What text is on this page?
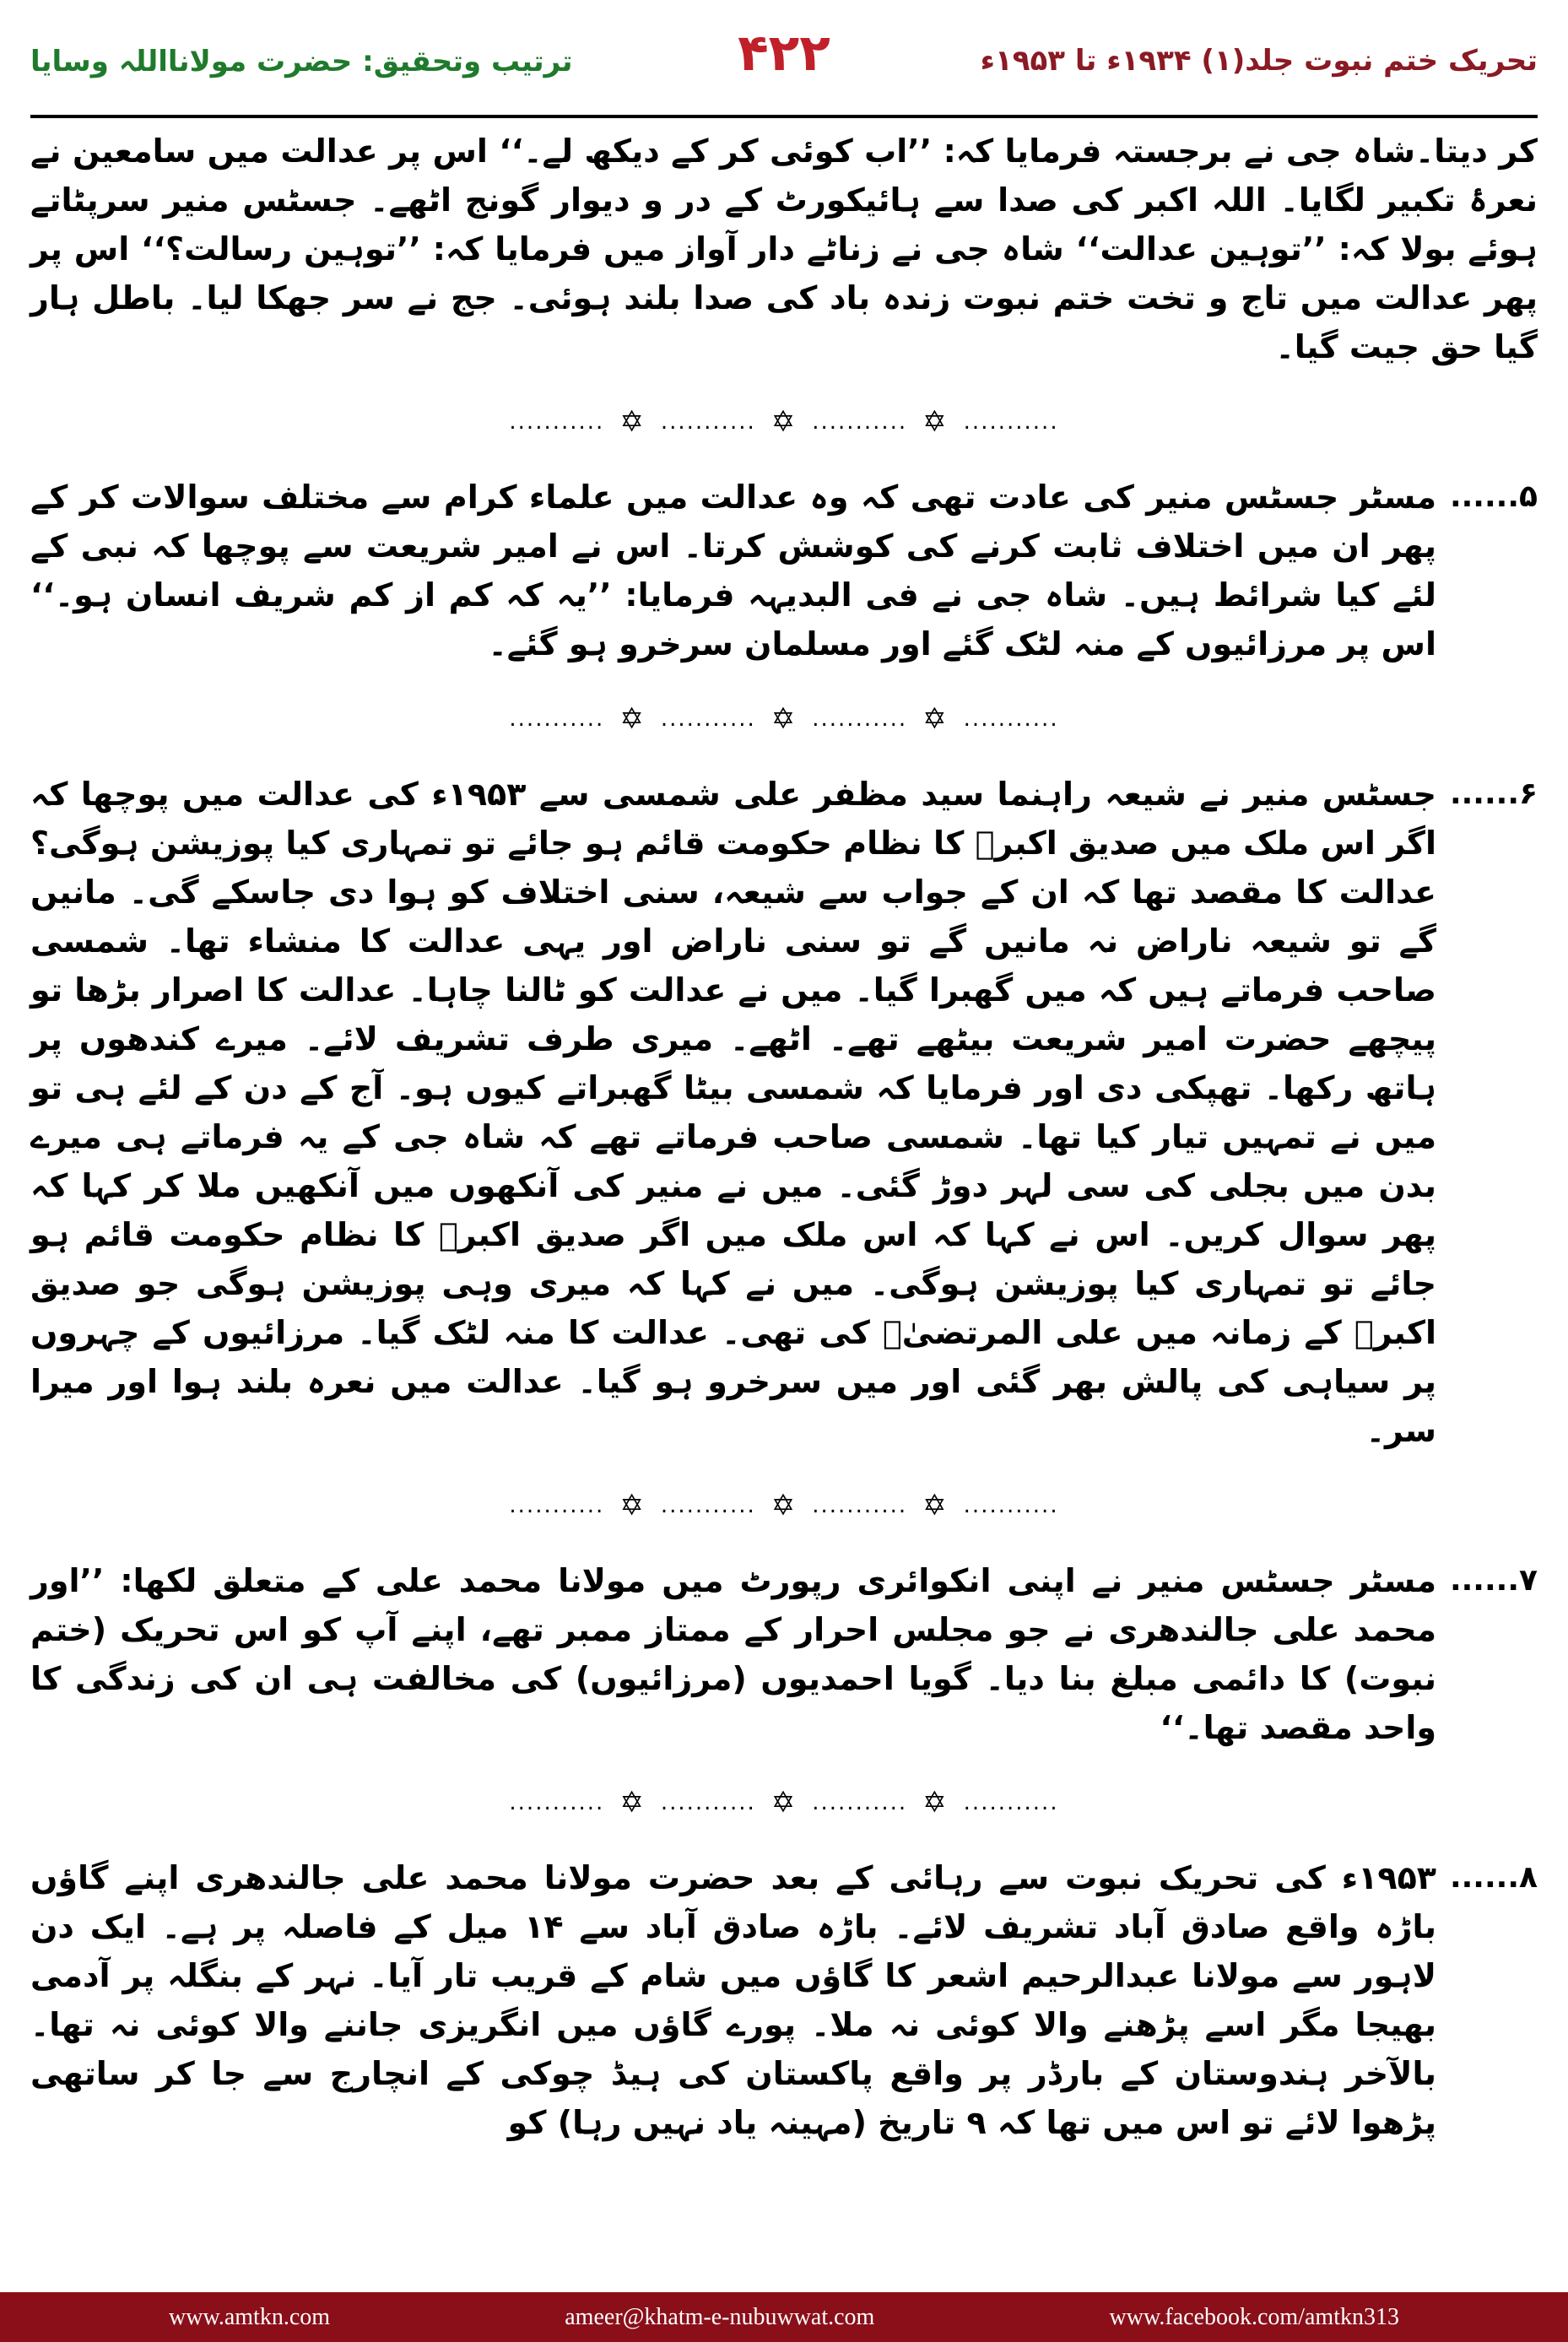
ترتیب وتحقیق: حضرت مولانااللہ وسایا	۴۲۲	تحریک ختم نبوت جلد(۱) ۱۹۳۴ء تا ۱۹۵۳ء
کر دیتا۔شاہ جی نے برجستہ فرمایا کہ: ’’اب کوئی کر کے دیکھ لے۔‘‘ اس پر عدالت میں سامعین نے نعرۂ تکبیر لگایا۔ اللہ اکبر کی صدا سے ہائیکورٹ کے در و دیوار گونج اٹھے۔ جسٹس منیر سرپٹاتے ہوئے بولا کہ: ’’توہین عدالت‘‘ شاہ جی نے زناٹے دار آواز میں فرمایا کہ: ’’توہین رسالت؟‘‘ اس پر پھر عدالت میں تاج و تخت ختم نبوت زندہ باد کی صدا بلند ہوئی۔ جج نے سر جھکا لیا۔ باطل ہار گیا حق جیت گیا۔
........... ✡ ........... ✡ ........... ✡ ...........
۵......
مسٹر جسٹس منیر کی عادت تھی کہ وہ عدالت میں علماء کرام سے مختلف سوالات کر کے پھر ان میں اختلاف ثابت کرنے کی کوشش کرتا۔ اس نے امیر شریعت سے پوچھا کہ نبی کے لئے کیا شرائط ہیں۔ شاہ جی نے فی البدیہہ فرمایا: ’’یہ کہ کم از کم شریف انسان ہو۔‘‘ اس پر مرزائیوں کے منہ لٹک گئے اور مسلمان سرخرو ہو گئے۔
........... ✡ ........... ✡ ........... ✡ ...........
۶......
جسٹس منیر نے شیعہ راہنما سید مظفر علی شمسی سے ۱۹۵۳ء کی عدالت میں پوچھا کہ اگر اس ملک میں صدیق اکبرؓ کا نظام حکومت قائم ہو جائے تو تمہاری کیا پوزیشن ہوگی؟ عدالت کا مقصد تھا کہ ان کے جواب سے شیعہ، سنی اختلاف کو ہوا دی جاسکے گی۔ مانیں گے تو شیعہ ناراض نہ مانیں گے تو سنی ناراض اور یہی عدالت کا منشاء تھا۔ شمسی صاحب فرماتے ہیں کہ میں گھبرا گیا۔ میں نے عدالت کو ٹالنا چاہا۔ عدالت کا اصرار بڑھا تو پیچھے حضرت امیر شریعت بیٹھے تھے۔ اٹھے۔ میری طرف تشریف لائے۔ میرے کندھوں پر ہاتھ رکھا۔ تھپکی دی اور فرمایا کہ شمسی بیٹا گھبراتے کیوں ہو۔ آج کے دن کے لئے ہی تو میں نے تمہیں تیار کیا تھا۔ شمسی صاحب فرماتے تھے کہ شاہ جی کے یہ فرماتے ہی میرے بدن میں بجلی کی سی لہر دوڑ گئی۔ میں نے منیر کی آنکھوں میں آنکھیں ملا کر کہا کہ پھر سوال کریں۔ اس نے کہا کہ اس ملک میں اگر صدیق اکبرؓ کا نظام حکومت قائم ہو جائے تو تمہاری کیا پوزیشن ہوگی۔ میں نے کہا کہ میری وہی پوزیشن ہوگی جو صدیق اکبرؓ کے زمانہ میں علی المرتضیٰؓ کی تھی۔ عدالت کا منہ لٹک گیا۔ مرزائیوں کے چہروں پر سیاہی کی پالش بھر گئی اور میں سرخرو ہو گیا۔ عدالت میں نعرہ بلند ہوا اور میرا سر۔
........... ✡ ........... ✡ ........... ✡ ...........
۷......
مسٹر جسٹس منیر نے اپنی انکوائری رپورٹ میں مولانا محمد علی کے متعلق لکھا: ’’اور محمد علی جالندھری نے جو مجلس احرار کے ممتاز ممبر تھے، اپنے آپ کو اس تحریک (ختم نبوت) کا دائمی مبلغ بنا دیا۔ گویا احمدیوں (مرزائیوں) کی مخالفت ہی ان کی زندگی کا واحد مقصد تھا۔‘‘
........... ✡ ........... ✡ ........... ✡ ...........
۸......
۱۹۵۳ء کی تحریک نبوت سے رہائی کے بعد حضرت مولانا محمد علی جالندھری اپنے گاؤں باڑہ واقع صادق آباد تشریف لائے۔ باڑہ صادق آباد سے ۱۴ میل کے فاصلہ پر ہے۔ ایک دن لاہور سے مولانا عبدالرحیم اشعر کا گاؤں میں شام کے قریب تار آیا۔ نہر کے بنگلہ پر آدمی بھیجا مگر اسے پڑھنے والا کوئی نہ ملا۔ پورے گاؤں میں انگریزی جاننے والا کوئی نہ تھا۔ بالآخر ہندوستان کے بارڈر پر واقع پاکستان کی ہیڈ چوکی کے انچارج سے جا کر ساتھی پڑھوا لائے تو اس میں تھا کہ ۹ تاریخ (مہینہ یاد نہیں رہا) کو
www.amtkn.com	ameer@khatm-e-nubuwwat.com	www.facebook.com/amtkn313
